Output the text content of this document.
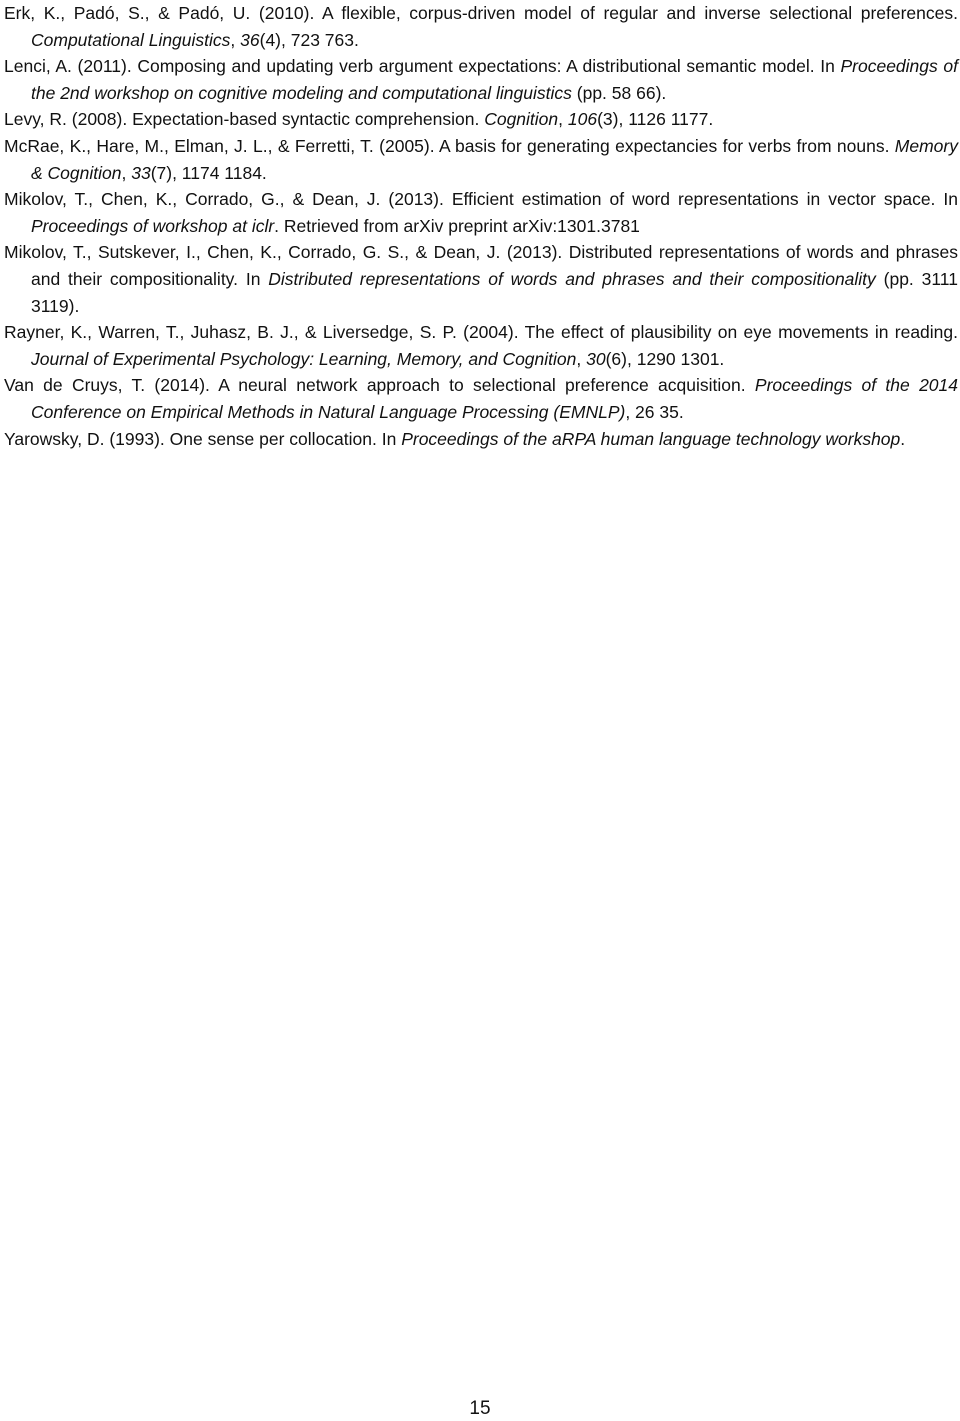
Erk, K., Padó, S., & Padó, U. (2010). A flexible, corpus-driven model of regular and inverse selectional preferences. Computational Linguistics, 36(4), 723 763.

Lenci, A. (2011). Composing and updating verb argument expectations: A distributional semantic model. In Proceedings of the 2nd workshop on cognitive modeling and computational linguistics (pp. 58 66).

Levy, R. (2008). Expectation-based syntactic comprehension. Cognition, 106(3), 1126 1177.

McRae, K., Hare, M., Elman, J. L., & Ferretti, T. (2005). A basis for generating expectancies for verbs from nouns. Memory & Cognition, 33(7), 1174 1184.

Mikolov, T., Chen, K., Corrado, G., & Dean, J. (2013). Efficient estimation of word representations in vector space. In Proceedings of workshop at iclr. Retrieved from arXiv preprint arXiv:1301.3781

Mikolov, T., Sutskever, I., Chen, K., Corrado, G. S., & Dean, J. (2013). Distributed representations of words and phrases and their compositionality. In Distributed representations of words and phrases and their compositionality (pp. 3111 3119).

Rayner, K., Warren, T., Juhasz, B. J., & Liversedge, S. P. (2004). The effect of plausibility on eye movements in reading. Journal of Experimental Psychology: Learning, Memory, and Cognition, 30(6), 1290 1301.

Van de Cruys, T. (2014). A neural network approach to selectional preference acquisition. Proceedings of the 2014 Conference on Empirical Methods in Natural Language Processing (EMNLP), 26 35.

Yarowsky, D. (1993). One sense per collocation. In Proceedings of the aRPA human language technology workshop.

15
